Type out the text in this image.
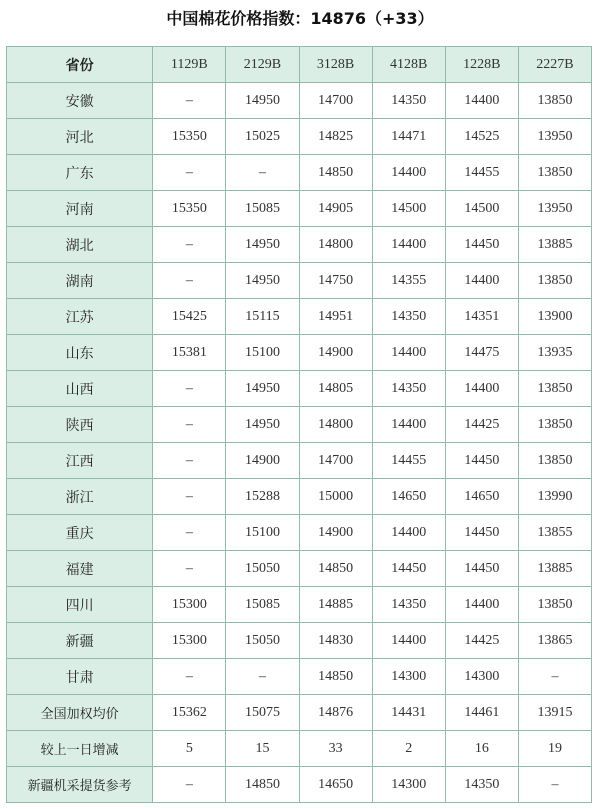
中国棉花价格指数：14876（+33）
省份	1129B	2129B	3128B	4128B	1228B	2227B
安徽	–	14950	14700	14350	14400	13850
河北	15350	15025	14825	14471	14525	13950
广东	–	–	14850	14400	14455	13850
河南	15350	15085	14905	14500	14500	13950
湖北	–	14950	14800	14400	14450	13885
湖南	–	14950	14750	14355	14400	13850
江苏	15425	15115	14951	14350	14351	13900
山东	15381	15100	14900	14400	14475	13935
山西	–	14950	14805	14350	14400	13850
陕西	–	14950	14800	14400	14425	13850
江西	–	14900	14700	14455	14450	13850
浙江	–	15288	15000	14650	14650	13990
重庆	–	15100	14900	14400	14450	13855
福建	–	15050	14850	14450	14450	13885
四川	15300	15085	14885	14350	14400	13850
新疆	15300	15050	14830	14400	14425	13865
甘肃	–	–	14850	14300	14300	–
全国加权均价	15362	15075	14876	14431	14461	13915
较上一日增减	5	15	33	2	16	19
新疆机采提货参考	–	14850	14650	14300	14350	–
